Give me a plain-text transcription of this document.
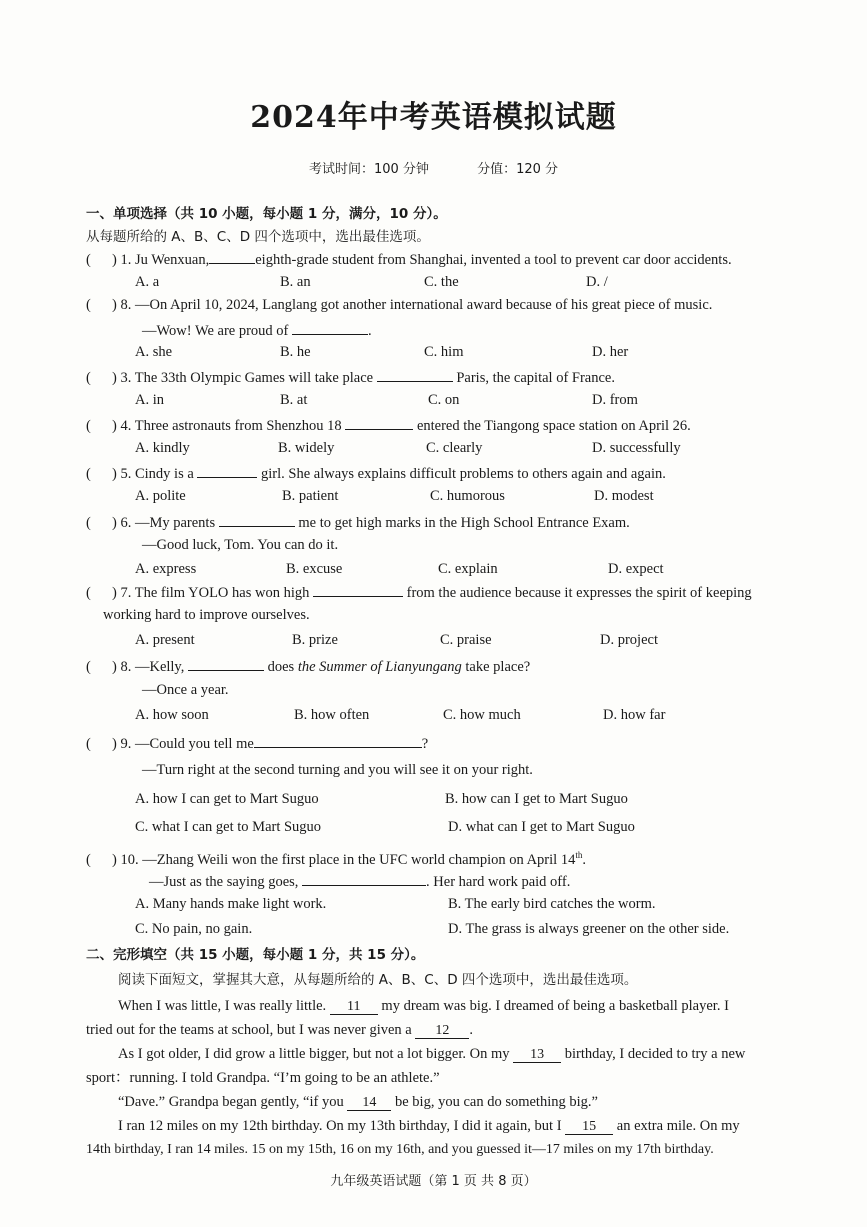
2024年中考英语模拟试题
考试时间：100 分钟	分值：120 分
一、单项选择（共 10 小题，每小题 1 分，满分，10 分）。
从每题所给的 A、B、C、D 四个选项中，选出最佳选项。
( ) 1. Ju Wenxuan,	eighth-grade student from Shanghai, invented a tool to prevent car door accidents.
A. a	B. an	C. the	D. /
( ) 8. —On April 10, 2024, Langlang got another international award because of his great piece of music.
—Wow! We are proud of	.
A. she	B. he	C. him	D. her
( ) 3. The 33th Olympic Games will take place	Paris, the capital of France.
A. in	B. at	C. on	D. from
( ) 4. Three astronauts from Shenzhou 18	entered the Tiangong space station on April 26.
A. kindly	B. widely	C. clearly	D. successfully
( ) 5. Cindy is a	girl. She always explains difficult problems to others again and again.
A. polite	B. patient	C. humorous	D. modest
( ) 6. —My parents	me to get high marks in the High School Entrance Exam.
—Good luck, Tom. You can do it.
A. express	B. excuse	C. explain	D. expect
( ) 7. The film YOLO has won high	from the audience because it expresses the spirit of keeping
working hard to improve ourselves.
A. present	B. prize	C. praise	D. project
( ) 8. —Kelly,	does the Summer of Lianyungang take place?
—Once a year.
A. how soon	B. how often	C. how much	D. how far
( ) 9. —Could you tell me	?
—Turn right at the second turning and you will see it on your right.
A. how I can get to Mart Suguo	B. how can I get to Mart Suguo
C. what I can get to Mart Suguo	D. what can I get to Mart Suguo
( ) 10. —Zhang Weili won the first place in the UFC world champion on April 14th.
—Just as the saying goes,	. Her hard work paid off.
A. Many hands make light work.	B. The early bird catches the worm.
C. No pain, no gain.	D. The grass is always greener on the other side.
二、完形填空（共 15 小题，每小题 1 分，共 15 分）。
阅读下面短文，掌握其大意，从每题所给的 A、B、C、D 四个选项中，选出最佳选项。
When I was little, I was really little. 11 my dream was big. I dreamed of being a basketball player. I
tried out for the teams at school, but I was never given a 12 .
As I got older, I did grow a little bigger, but not a lot bigger. On my 13 birthday, I decided to try a new
sport：running. I told Grandpa. “I’m going to be an athlete.”
“Dave.” Grandpa began gently, “if you 14 be big, you can do something big.”
I ran 12 miles on my 12th birthday. On my 13th birthday, I did it again, but I 15 an extra mile. On my
14th birthday, I ran 14 miles. 15 on my 15th, 16 on my 16th, and you guessed it—17 miles on my 17th birthday.
九年级英语试题（第 1 页 共 8 页）
